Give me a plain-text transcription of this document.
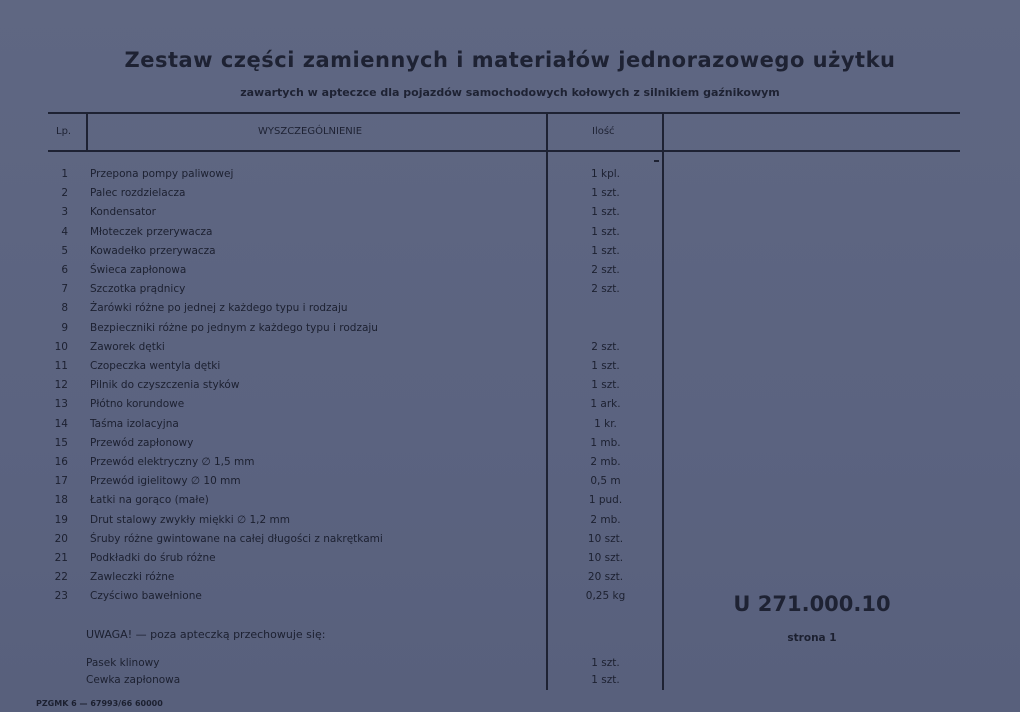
Zestaw części zamiennych i materiałów jednorazowego użytku
zawartych w apteczce dla pojazdów samochodowych kołowych z silnikiem gaźnikowym
Lp.	WYSZCZEGÓLNIENIE	Ilość
1 Przepona pompy paliwowej	1 kpl.
2 Palec rozdzielacza	1 szt.
3 Kondensator	1 szt.
4 Młoteczek przerywacza	1 szt.
5 Kowadełko przerywacza	1 szt.
6 Świeca zapłonowa	2 szt.
7 Szczotka prądnicy	2 szt.
8 Żarówki różne po jednej z każdego typu i rodzaju
9 Bezpieczniki różne po jednym z każdego typu i rodzaju
10 Zaworek dętki	2 szt.
11 Czopeczka wentyla dętki	1 szt.
12 Pilnik do czyszczenia styków	1 szt.
13 Płótno korundowe	1 ark.
14 Taśma izolacyjna	1 kr.
15 Przewód zapłonowy	1 mb.
16 Przewód elektryczny ∅ 1,5 mm	2 mb.
17 Przewód igielitowy ∅ 10 mm	0,5 m
18 Łatki na gorąco (małe)	1 pud.
19 Drut stalowy zwykły miękki ∅ 1,2 mm	2 mb.
20 Śruby różne gwintowane na całej długości z nakrętkami	10 szt.
21 Podkładki do śrub różne	10 szt.
22 Zawleczki różne	20 szt.
23 Czyściwo bawełnione	0,25 kg
UWAGA! — poza apteczką przechowuje się:
Pasek klinowy	1 szt.
Cewka zapłonowa	1 szt.
U 271.000.10
strona 1
PZGMK 6 — 67993/66 60000
